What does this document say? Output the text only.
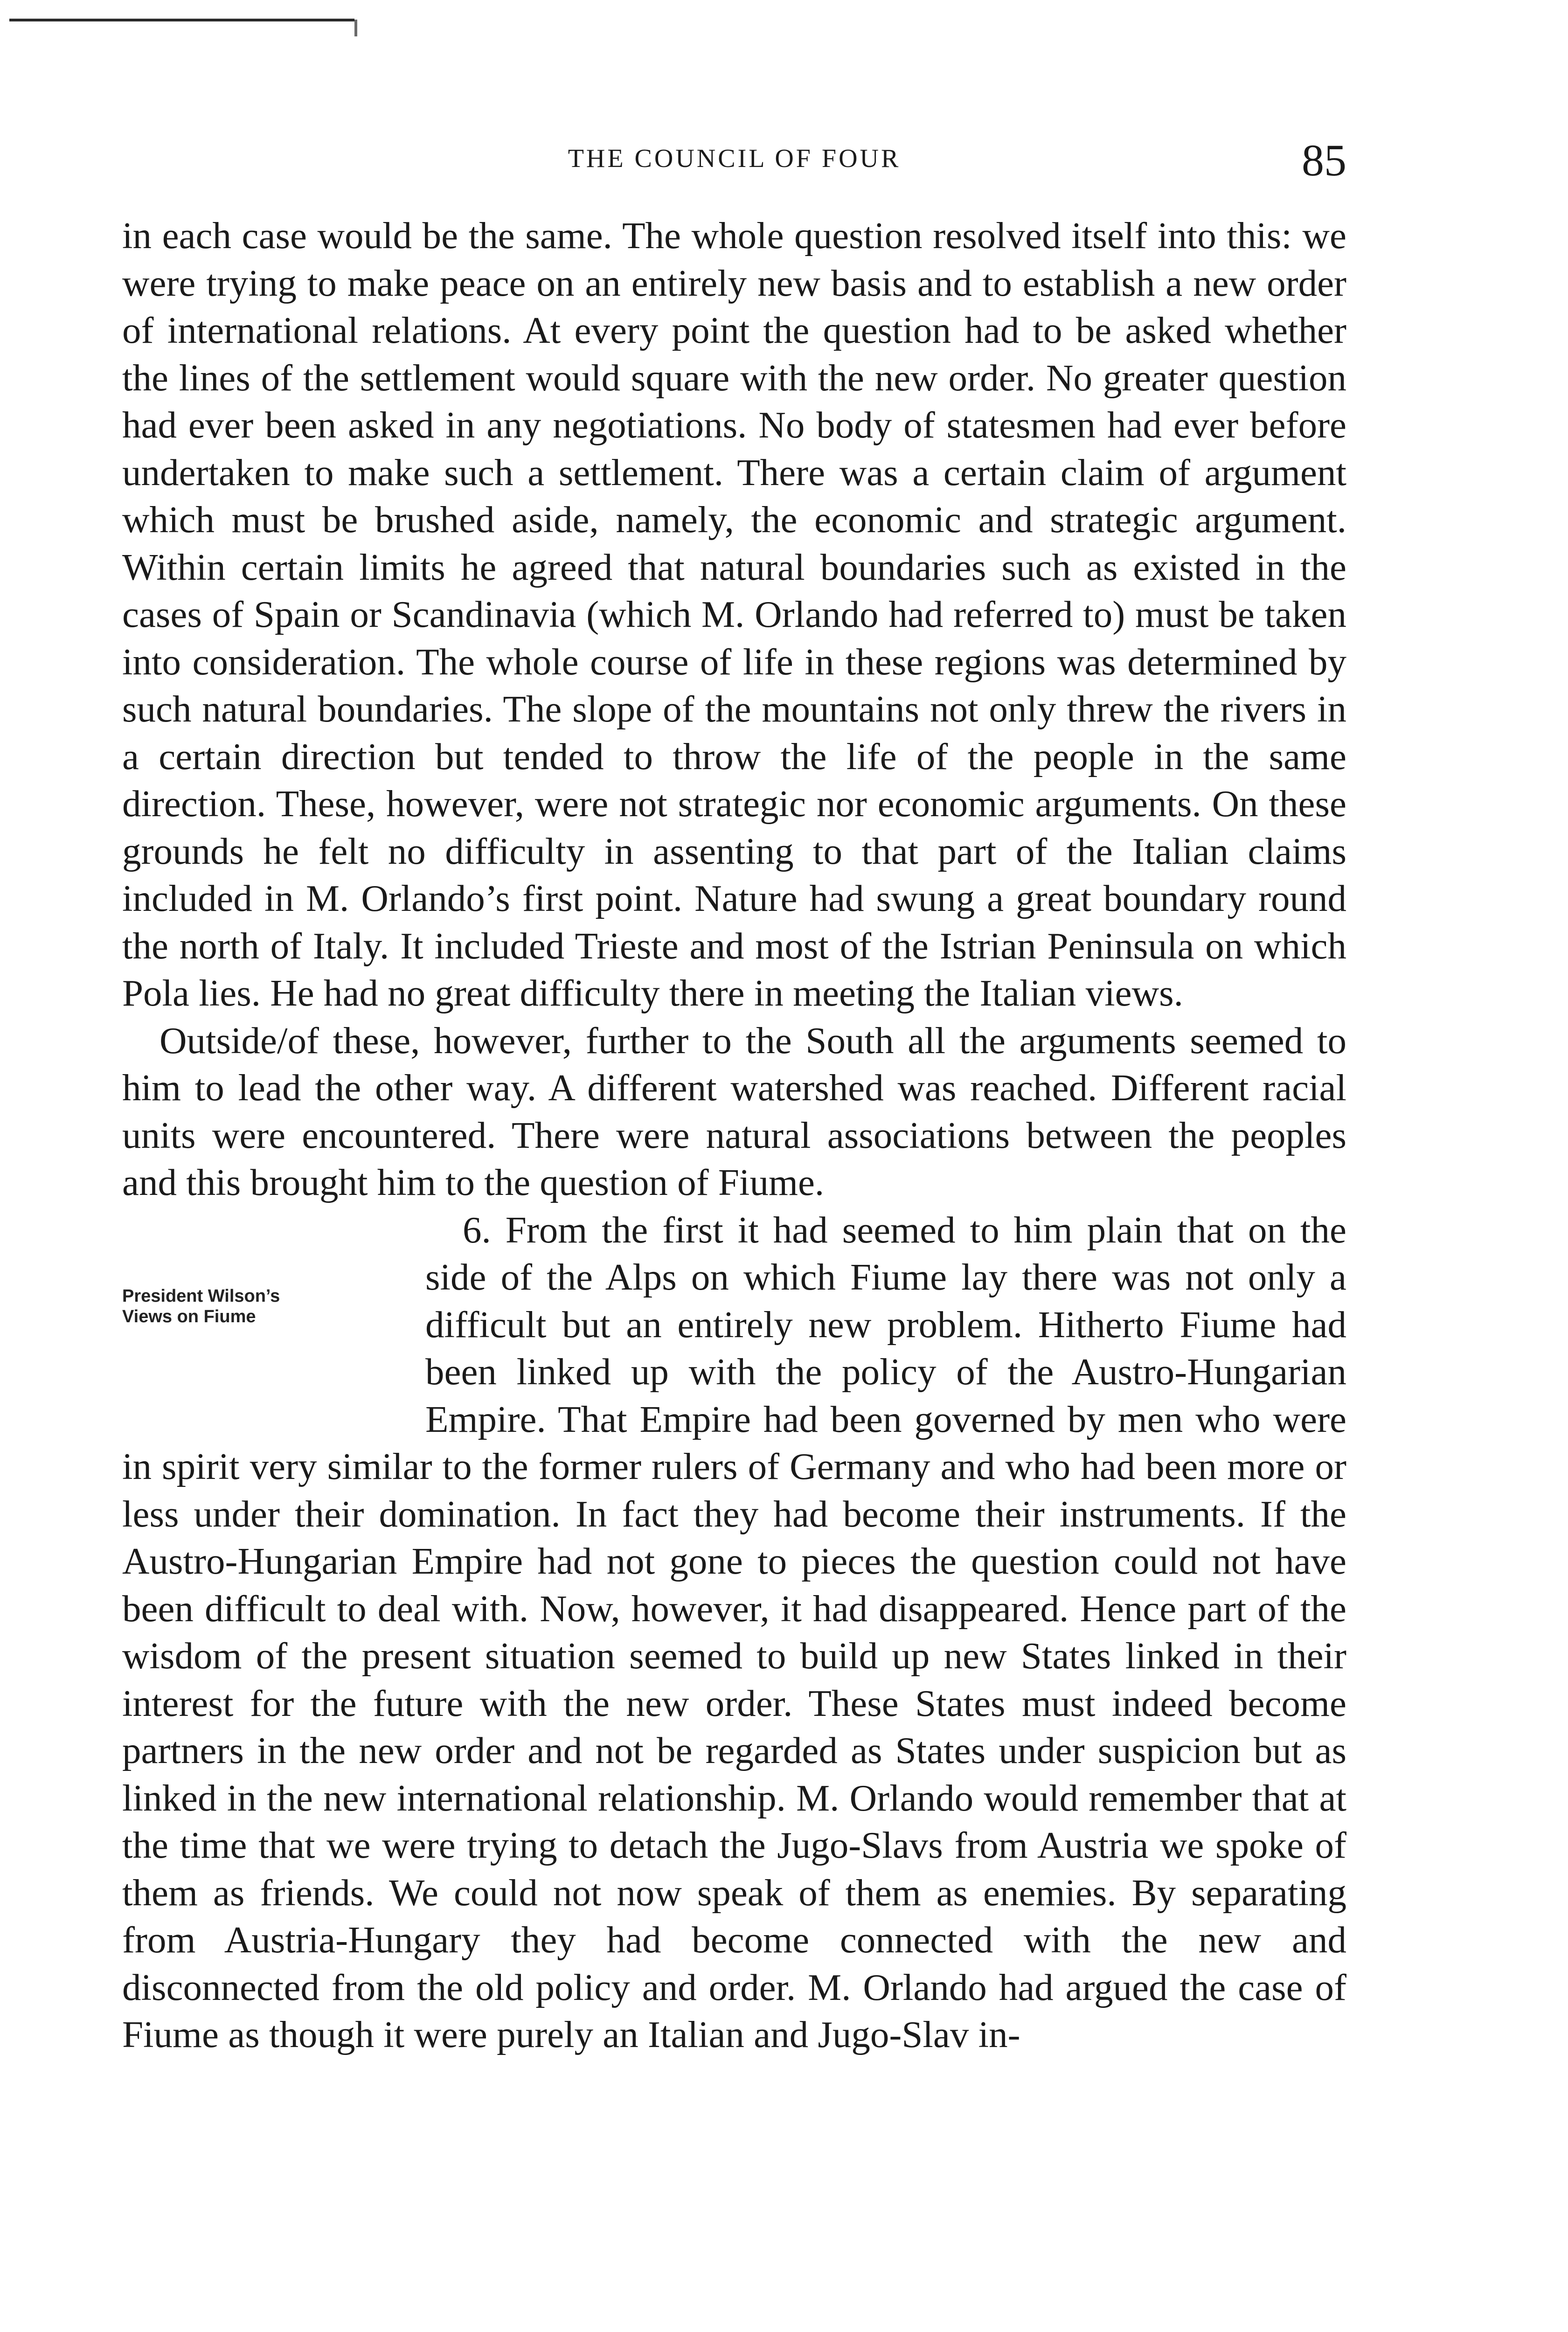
THE COUNCIL OF FOUR	85

in each case would be the same. The whole question resolved itself into this: we were trying to make peace on an entirely new basis and to establish a new order of international relations. At every point the question had to be asked whether the lines of the settlement would square with the new order. No greater question had ever been asked in any negotiations. No body of statesmen had ever before undertaken to make such a settlement. There was a certain claim of argument which must be brushed aside, namely, the economic and strategic argument. Within certain limits he agreed that natural boundaries such as existed in the cases of Spain or Scandinavia (which M. Orlando had referred to) must be taken into consideration. The whole course of life in these regions was determined by such natural boundaries. The slope of the mountains not only threw the rivers in a certain direction but tended to throw the life of the people in the same direction. These, however, were not strategic nor economic arguments. On these grounds he felt no difficulty in assenting to that part of the Italian claims included in M. Orlando’s first point. Nature had swung a great boundary round the north of Italy. It included Trieste and most of the Istrian Peninsula on which Pola lies. He had no great difficulty there in meeting the Italian views.

Outside/of these, however, further to the South all the arguments seemed to him to lead the other way. A different watershed was reached. Different racial units were encountered. There were natural associations between the peoples and this brought him to the question of Fiume.

President Wilson’s
Views on Fiume

6. From the first it had seemed to him plain that on the side of the Alps on which Fiume lay there was not only a difficult but an entirely new problem. Hitherto Fiume had been linked up with the policy of the Austro-Hungarian Empire. That Empire had been governed by men who were in spirit very similar to the former rulers of Germany and who had been more or less under their domination. In fact they had become their instruments. If the Austro-Hungarian Empire had not gone to pieces the question could not have been difficult to deal with. Now, however, it had disappeared. Hence part of the wisdom of the present situation seemed to build up new States linked in their interest for the future with the new order. These States must indeed become partners in the new order and not be regarded as States under suspicion but as linked in the new international relationship. M. Orlando would remember that at the time that we were trying to detach the Jugo-Slavs from Austria we spoke of them as friends. We could not now speak of them as enemies. By separating from Austria-Hungary they had become connected with the new and disconnected from the old policy and order. M. Orlando had argued the case of Fiume as though it were purely an Italian and Jugo-Slav in-
